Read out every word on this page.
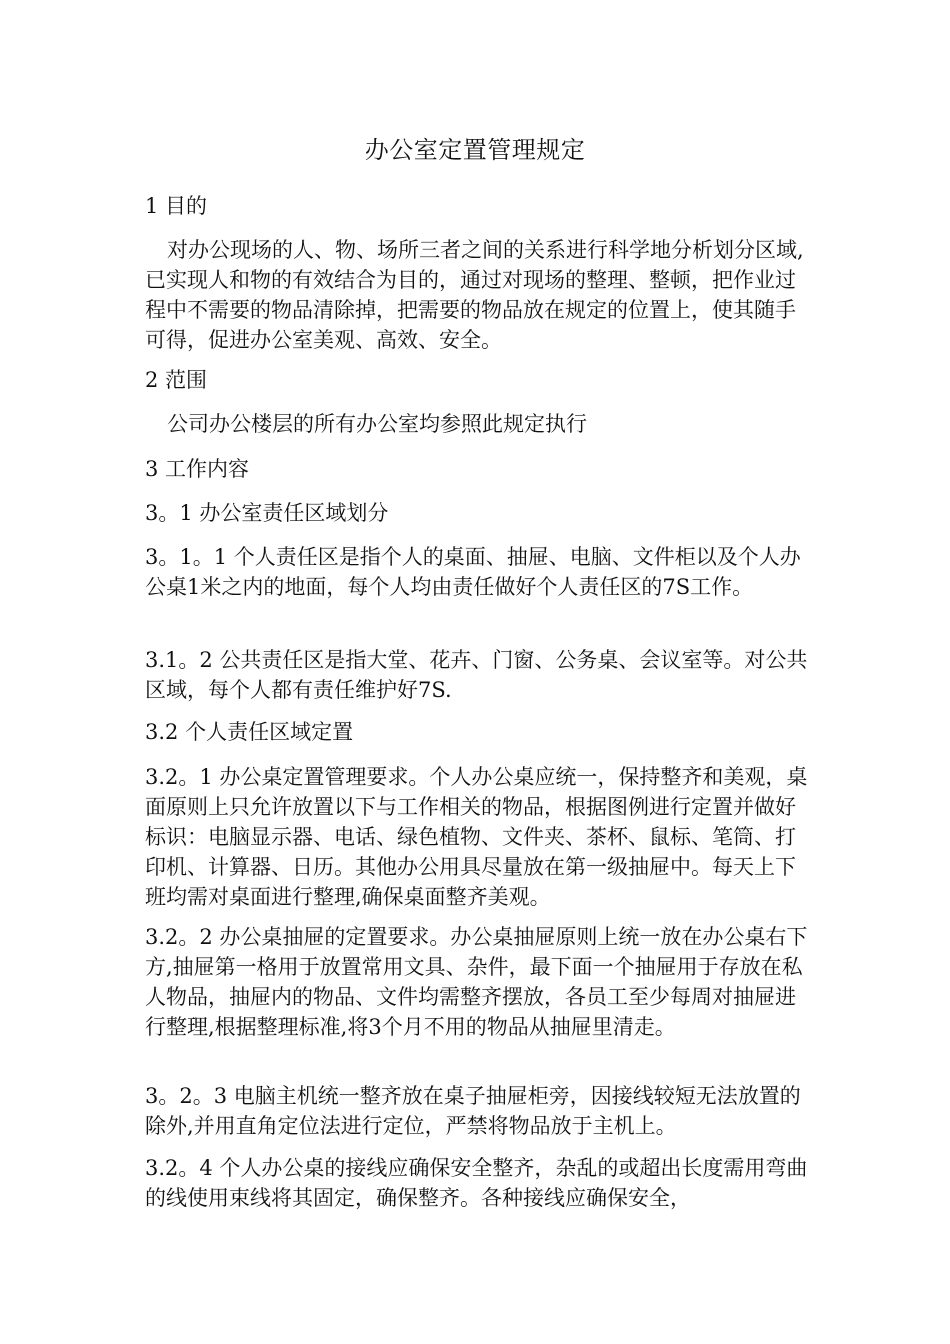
办公室定置管理规定

1 目的

对办公现场的人、物、场所三者之间的关系进行科学地分析划分区域,已实现人和物的有效结合为目的，通过对现场的整理、整顿，把作业过程中不需要的物品清除掉，把需要的物品放在规定的位置上，使其随手可得，促进办公室美观、高效、安全。

2 范围

公司办公楼层的所有办公室均参照此规定执行

3 工作内容

3。1 办公室责任区域划分

3。1。1 个人责任区是指个人的桌面、抽屉、电脑、文件柜以及个人办公桌1米之内的地面，每个人均由责任做好个人责任区的7S工作。

3.1。2 公共责任区是指大堂、花卉、门窗、公务桌、会议室等。对公共区域，每个人都有责任维护好7S.

3.2 个人责任区域定置

3.2。1 办公桌定置管理要求。个人办公桌应统一，保持整齐和美观，桌面原则上只允许放置以下与工作相关的物品，根据图例进行定置并做好标识：电脑显示器、电话、绿色植物、文件夹、茶杯、鼠标、笔筒、打印机、计算器、日历。其他办公用具尽量放在第一级抽屉中。每天上下班均需对桌面进行整理,确保桌面整齐美观。

3.2。2 办公桌抽屉的定置要求。办公桌抽屉原则上统一放在办公桌右下方,抽屉第一格用于放置常用文具、杂件，最下面一个抽屉用于存放在私人物品，抽屉内的物品、文件均需整齐摆放，各员工至少每周对抽屉进行整理,根据整理标准,将3个月不用的物品从抽屉里清走。

3。2。3 电脑主机统一整齐放在桌子抽屉柜旁，因接线较短无法放置的除外,并用直角定位法进行定位，严禁将物品放于主机上。

3.2。4 个人办公桌的接线应确保安全整齐，杂乱的或超出长度需用弯曲的线使用束线将其固定，确保整齐。各种接线应确保安全，
